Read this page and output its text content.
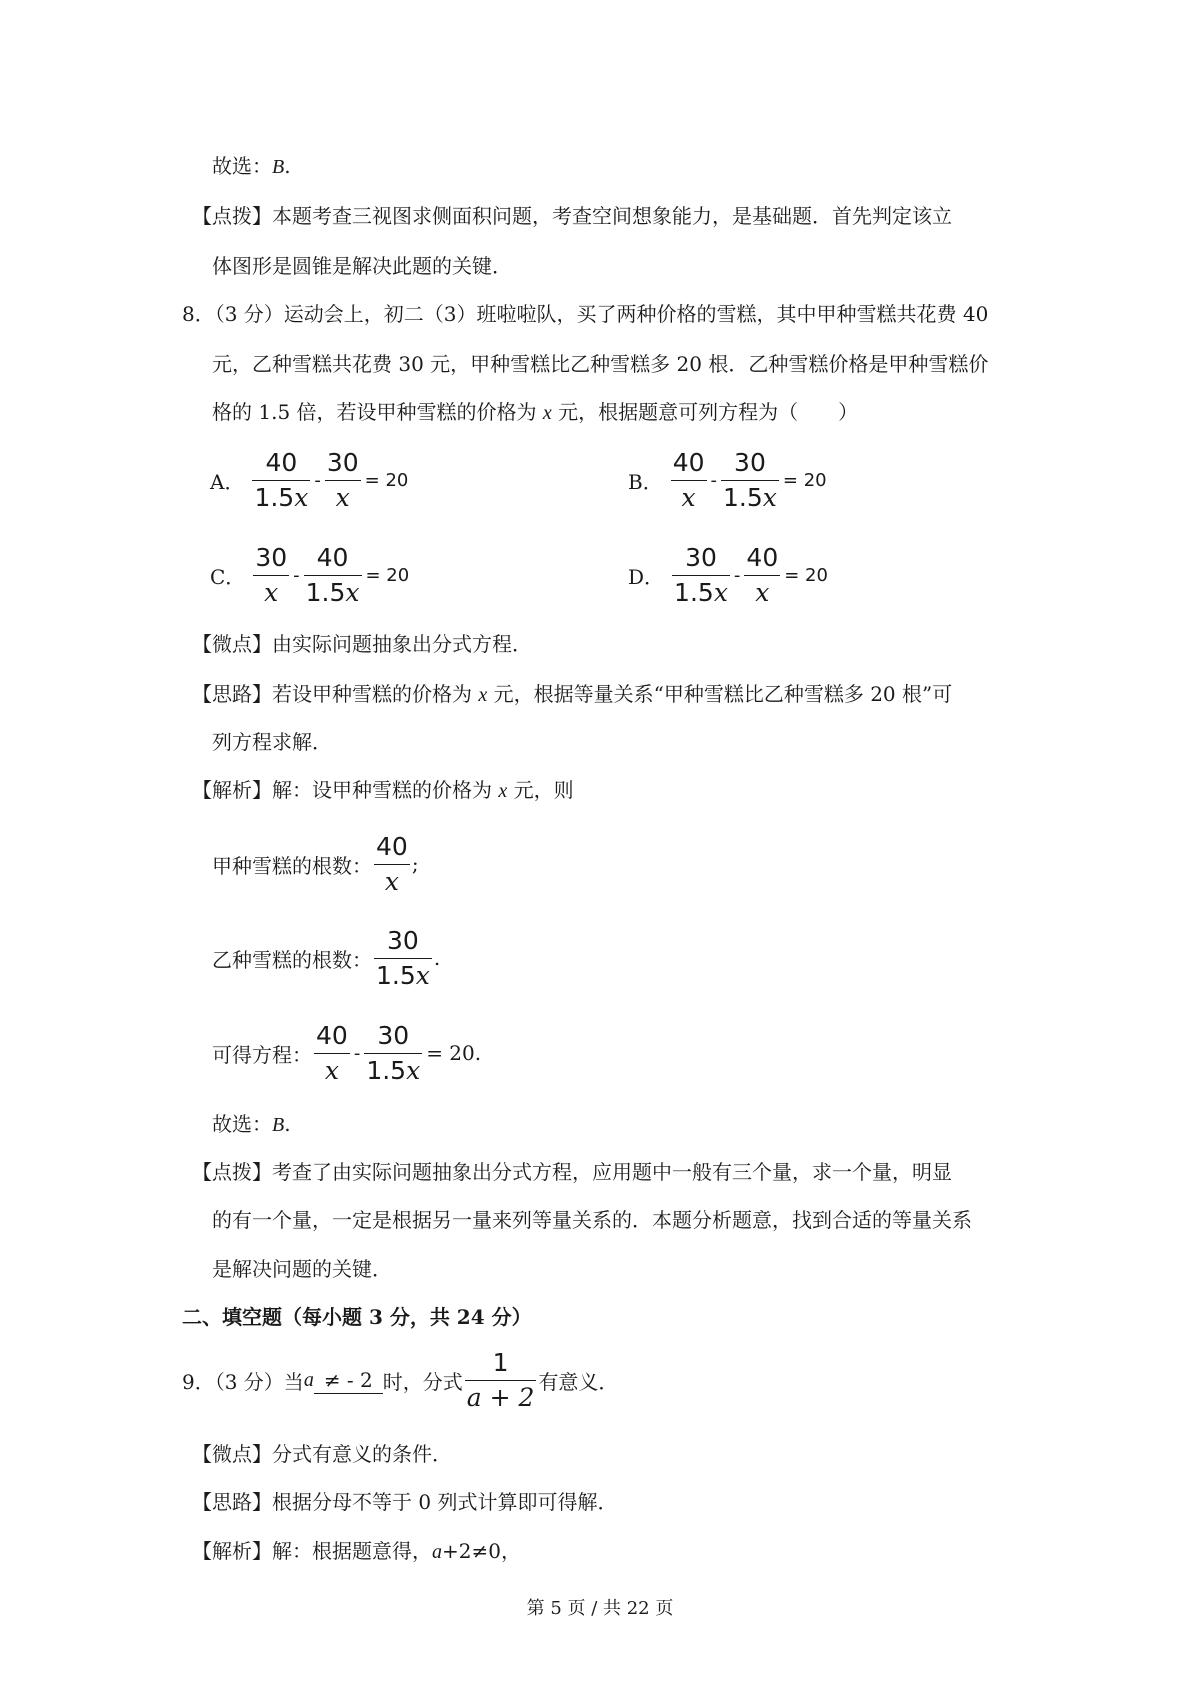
故选：B.
【点拨】本题考查三视图求侧面积问题，考查空间想象能力，是基础题．首先判定该立
体图形是圆锥是解决此题的关键．
8．（3 分）运动会上，初二（3）班啦啦队，买了两种价格的雪糕，其中甲种雪糕共花费 40
元，乙种雪糕共花费 30 元，甲种雪糕比乙种雪糕多 20 根．乙种雪糕价格是甲种雪糕价
格的 1.5 倍，若设甲种雪糕的价格为 x 元，根据题意可列方程为（　　）
A． $\frac{40}{1.5x} - \frac{30}{x} = 20$	B． $\frac{40}{x} - \frac{30}{1.5x} = 20$
C． $\frac{30}{x} - \frac{40}{1.5x} = 20$	D． $\frac{30}{1.5x} - \frac{40}{x} = 20$
【微点】由实际问题抽象出分式方程．
【思路】若设甲种雪糕的价格为 x 元，根据等量关系“甲种雪糕比乙种雪糕多 20 根”可
列方程求解．
【解析】解：设甲种雪糕的价格为 x 元，则
甲种雪糕的根数： $\frac{40}{x}$ ;
乙种雪糕的根数： $\frac{30}{1.5x}$ .
可得方程： $\frac{40}{x} - \frac{30}{1.5x} = 20$.
故选：B.
【点拨】考查了由实际问题抽象出分式方程，应用题中一般有三个量，求一个量，明显
的有一个量，一定是根据另一量来列等量关系的．本题分析题意，找到合适的等量关系
是解决问题的关键．
二、填空题（每小题 3 分，共 24 分）
9．（3 分）当 a ≠ - 2 时，分式 $\frac{1}{a + 2}$ 有意义．
【微点】分式有意义的条件．
【思路】根据分母不等于 0 列式计算即可得解．
【解析】解：根据题意得，a+2≠0，
第 5 页 / 共 22 页
